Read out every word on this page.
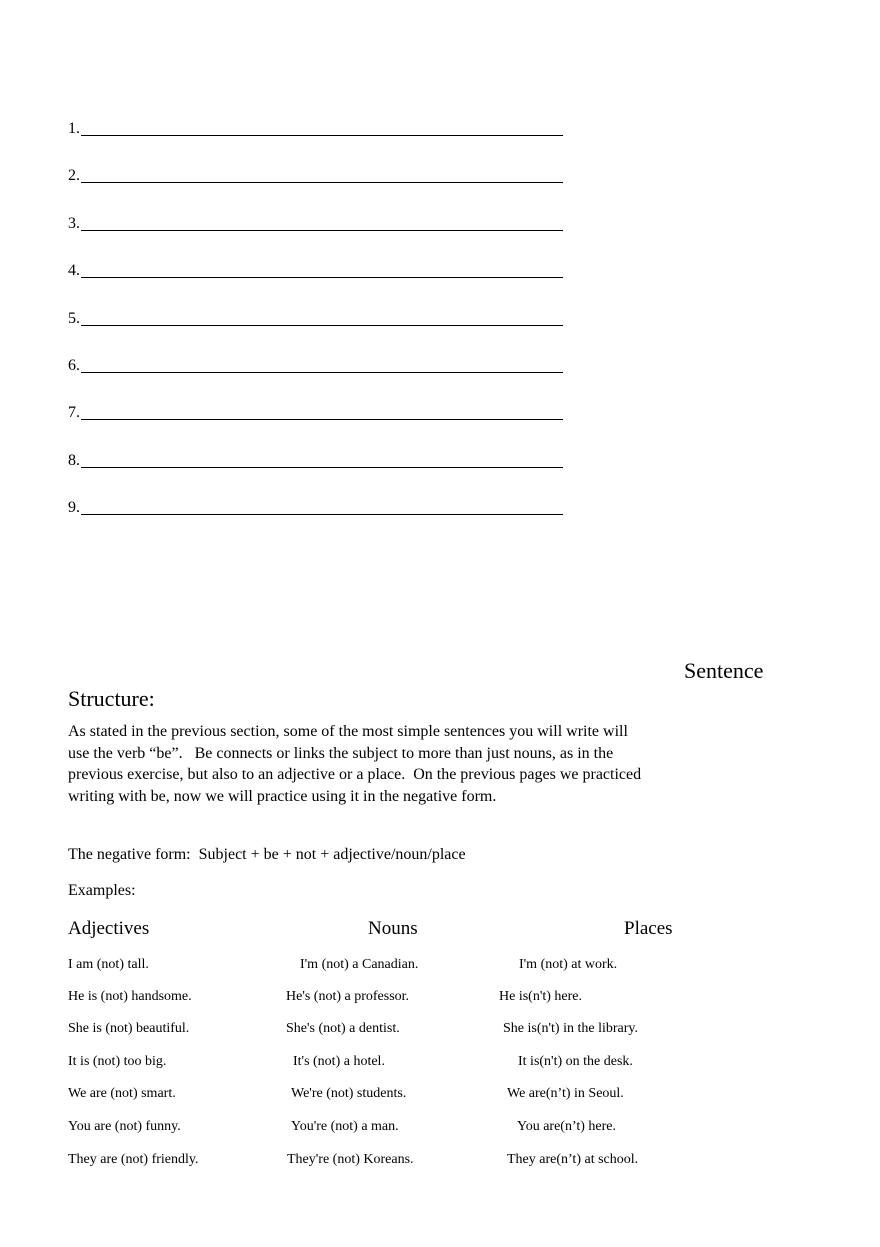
1.
2.
3.
4.
5.
6.
7.
8.
9.
Sentence
Structure:
As stated in the previous section, some of the most simple sentences you will write will use the verb “be”.   Be connects or links the subject to more than just nouns, as in the previous exercise, but also to an adjective or a place.  On the previous pages we practiced writing with be, now we will practice using it in the negative form.
The negative form:  Subject + be + not + adjective/noun/place
Examples:
Adjectives	Nouns	Places
I am (not) tall.	I'm (not) a Canadian.	I'm (not) at work.
He is (not) handsome.	He's (not) a professor.	He is(n't) here.
She is (not) beautiful.	She's (not) a dentist.	She is(n't) in the library.
It is (not) too big.	It's (not) a hotel.	It is(n't) on the desk.
We are (not) smart.	We're (not) students.	We are(n’t) in Seoul.
You are (not) funny.	You're (not) a man.	You are(n’t) here.
They are (not) friendly.	They're (not) Koreans.	They are(n’t) at school.
